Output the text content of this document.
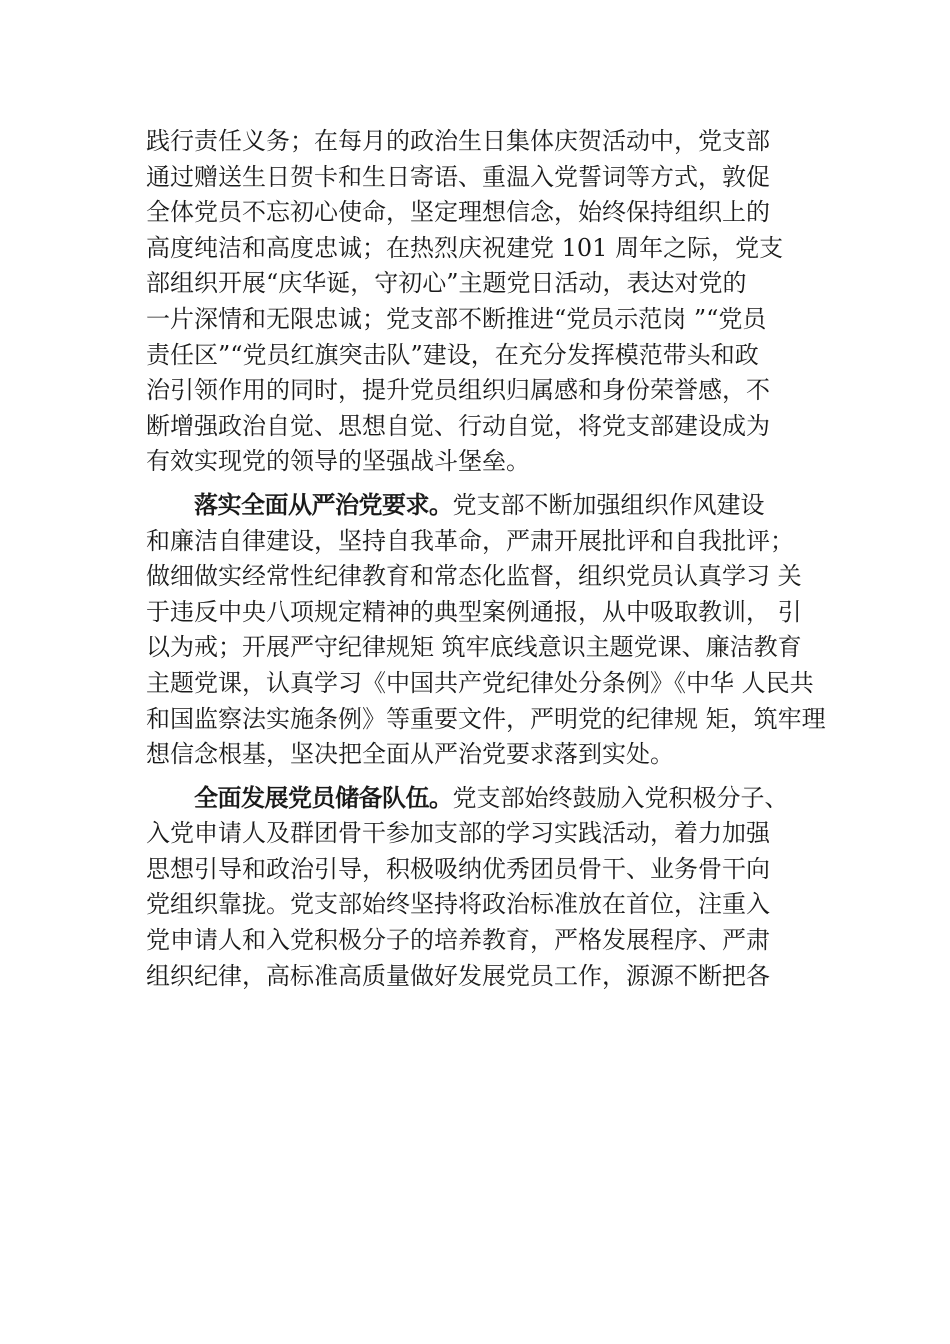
践行责任义务；在每月的政治生日集体庆贺活动中，党支部
通过赠送生日贺卡和生日寄语、重温入党誓词等方式，敦促
全体党员不忘初心使命，坚定理想信念，始终保持组织上的
高度纯洁和高度忠诚；在热烈庆祝建党 101 周年之际，党支
部组织开展“庆华诞，守初心”主题党日活动，表达对党的
一片深情和无限忠诚；党支部不断推进“党员示范岗 ”“党员
责任区”“党员红旗突击队”建设，在充分发挥模范带头和政
治引领作用的同时，提升党员组织归属感和身份荣誉感，不
断增强政治自觉、思想自觉、行动自觉，将党支部建设成为
有效实现党的领导的坚强战斗堡垒。
落实全面从严治党要求。党支部不断加强组织作风建设
和廉洁自律建设，坚持自我革命，严肃开展批评和自我批评；
做细做实经常性纪律教育和常态化监督，组织党员认真学习 关
于违反中央八项规定精神的典型案例通报，从中吸取教训， 引
以为戒；开展严守纪律规矩 筑牢底线意识主题党课、廉洁教育
主题党课，认真学习《中国共产党纪律处分条例》《中华 人民共
和国监察法实施条例》等重要文件，严明党的纪律规 矩，筑牢理
想信念根基，坚决把全面从严治党要求落到实处。
全面发展党员储备队伍。党支部始终鼓励入党积极分子、
入党申请人及群团骨干参加支部的学习实践活动，着力加强
思想引导和政治引导，积极吸纳优秀团员骨干、业务骨干向
党组织靠拢。党支部始终坚持将政治标准放在首位，注重入
党申请人和入党积极分子的培养教育，严格发展程序、严肃
组织纪律，高标准高质量做好发展党员工作，源源不断把各
